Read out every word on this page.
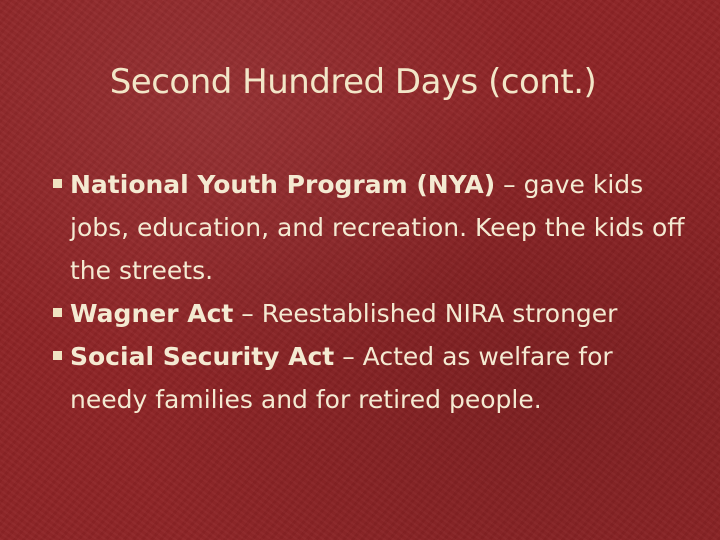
Second Hundred Days (cont.)
National Youth Program (NYA) – gave kids jobs, education, and recreation. Keep the kids off the streets.
Wagner Act – Reestablished NIRA stronger
Social Security Act – Acted as welfare for needy families and for retired people.
